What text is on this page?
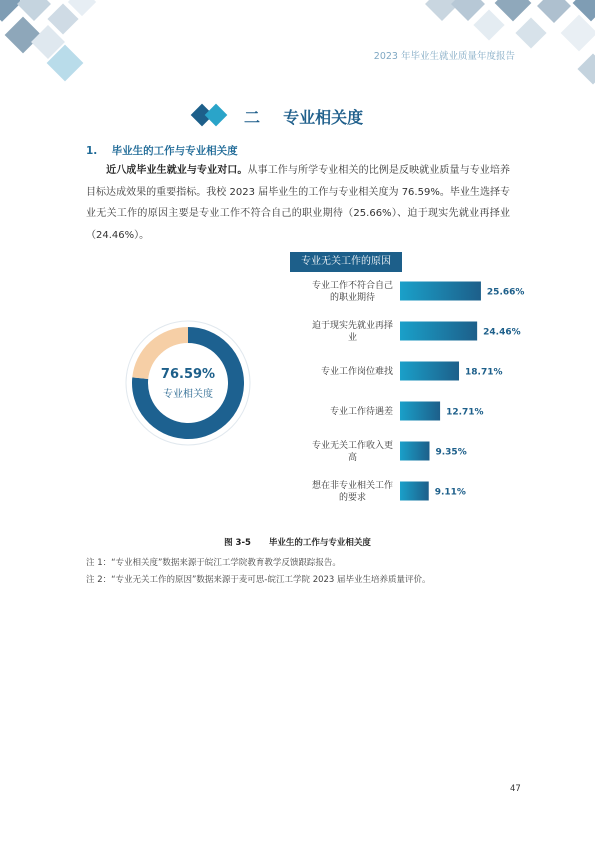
2023 年毕业生就业质量年度报告
二 专业相关度
1. 毕业生的工作与专业相关度
近八成毕业生就业与专业对口。从事工作与所学专业相关的比例是反映就业质量与专业培养目标达成效果的重要指标。我校 2023 届毕业生的工作与专业相关度为 76.59%。毕业生选择专业无关工作的原因主要是专业工作不符合自己的职业期待（25.66%）、迫于现实先就业再择业（24.46%）。
76.59%
专业相关度
专业无关工作的原因
专业工作不符合自己的职业期待
25.66%
迫于现实先就业再择业
24.46%
专业工作岗位难找	18.71%
专业工作待遇差	12.71%
专业无关工作收入更高
9.35%
想在非专业相关工作的要求
9.11%
图 3-5 毕业生的工作与专业相关度
注 1：“专业相关度”数据来源于皖江工学院教育教学反馈跟踪报告。
注 2：“专业无关工作的原因”数据来源于麦可思-皖江工学院 2023 届毕业生培养质量评价。
47
